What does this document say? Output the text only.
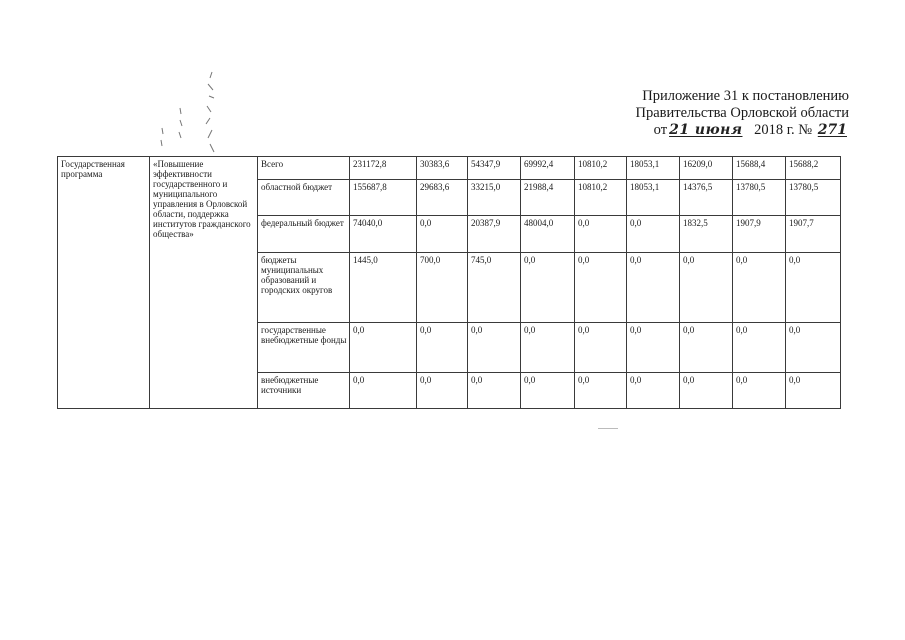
Приложение 31 к постановлению
Правительства Орловской области
от 21 июня 2018 г. № 271
Государственная программа	«Повышение эффективности государственного и муниципального управления в Орловской области, поддержка институтов гражданского общества»	Всего	231172,8	30383,6	54347,9	69992,4	10810,2	18053,1	16209,0	15688,4	15688,2
		областной бюджет	155687,8	29683,6	33215,0	21988,4	10810,2	18053,1	14376,5	13780,5	13780,5
		федеральный бюджет	74040,0	0,0	20387,9	48004,0	0,0	0,0	1832,5	1907,9	1907,7
		бюджеты муниципальных образований и городских округов	1445,0	700,0	745,0	0,0	0,0	0,0	0,0	0,0	0,0
		государственные внебюджетные фонды	0,0	0,0	0,0	0,0	0,0	0,0	0,0	0,0	0,0
		внебюджетные источники	0,0	0,0	0,0	0,0	0,0	0,0	0,0	0,0	0,0
